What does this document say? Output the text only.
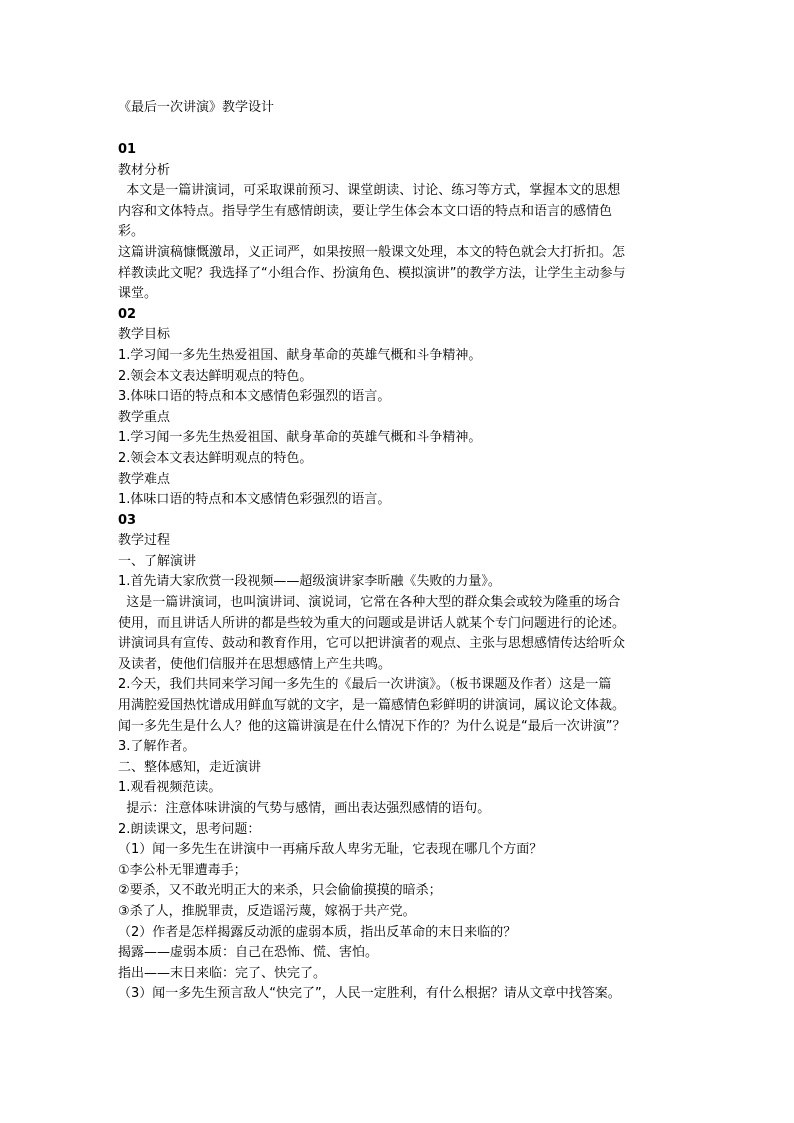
《最后一次讲演》教学设计
01
教材分析
本文是一篇讲演词，可采取课前预习、课堂朗读、讨论、练习等方式，掌握本文的思想
内容和文体特点。指导学生有感情朗读，要让学生体会本文口语的特点和语言的感情色
彩。
这篇讲演稿慷慨激昂，义正词严，如果按照一般课文处理，本文的特色就会大打折扣。怎
样教读此文呢？我选择了“小组合作、扮演角色、模拟演讲”的教学方法，让学生主动参与
课堂。
02
教学目标
1.学习闻一多先生热爱祖国、献身革命的英雄气概和斗争精神。
2.领会本文表达鲜明观点的特色。
3.体味口语的特点和本文感情色彩强烈的语言。
教学重点
1.学习闻一多先生热爱祖国、献身革命的英雄气概和斗争精神。
2.领会本文表达鲜明观点的特色。
教学难点
1.体味口语的特点和本文感情色彩强烈的语言。
03
教学过程
一、了解演讲
1.首先请大家欣赏一段视频——超级演讲家李昕融《失败的力量》。
这是一篇讲演词，也叫演讲词、演说词，它常在各种大型的群众集会或较为隆重的场合
使用，而且讲话人所讲的都是些较为重大的问题或是讲话人就某个专门问题进行的论述。
讲演词具有宣传、鼓动和教育作用，它可以把讲演者的观点、主张与思想感情传达给听众
及读者，使他们信服并在思想感情上产生共鸣。
2.今天，我们共同来学习闻一多先生的《最后一次讲演》。（板书课题及作者）这是一篇
用满腔爱国热忱谱成用鲜血写就的文字，是一篇感情色彩鲜明的讲演词，属议论文体裁。
闻一多先生是什么人？他的这篇讲演是在什么情况下作的？为什么说是“最后一次讲演”？
3.了解作者。
二、整体感知，走近演讲
1.观看视频范读。
提示：注意体味讲演的气势与感情，画出表达强烈感情的语句。
2.朗读课文，思考问题：
（1）闻一多先生在讲演中一再痛斥敌人卑劣无耻，它表现在哪几个方面？
①李公朴无罪遭毒手；
②要杀，又不敢光明正大的来杀，只会偷偷摸摸的暗杀；
③杀了人，推脱罪责，反造谣污蔑，嫁祸于共产党。
（2）作者是怎样揭露反动派的虚弱本质，指出反革命的末日来临的？
揭露——虚弱本质：自己在恐怖、慌、害怕。
指出——末日来临：完了、快完了。
（3）闻一多先生预言敌人“快完了”，人民一定胜利，有什么根据？请从文章中找答案。
